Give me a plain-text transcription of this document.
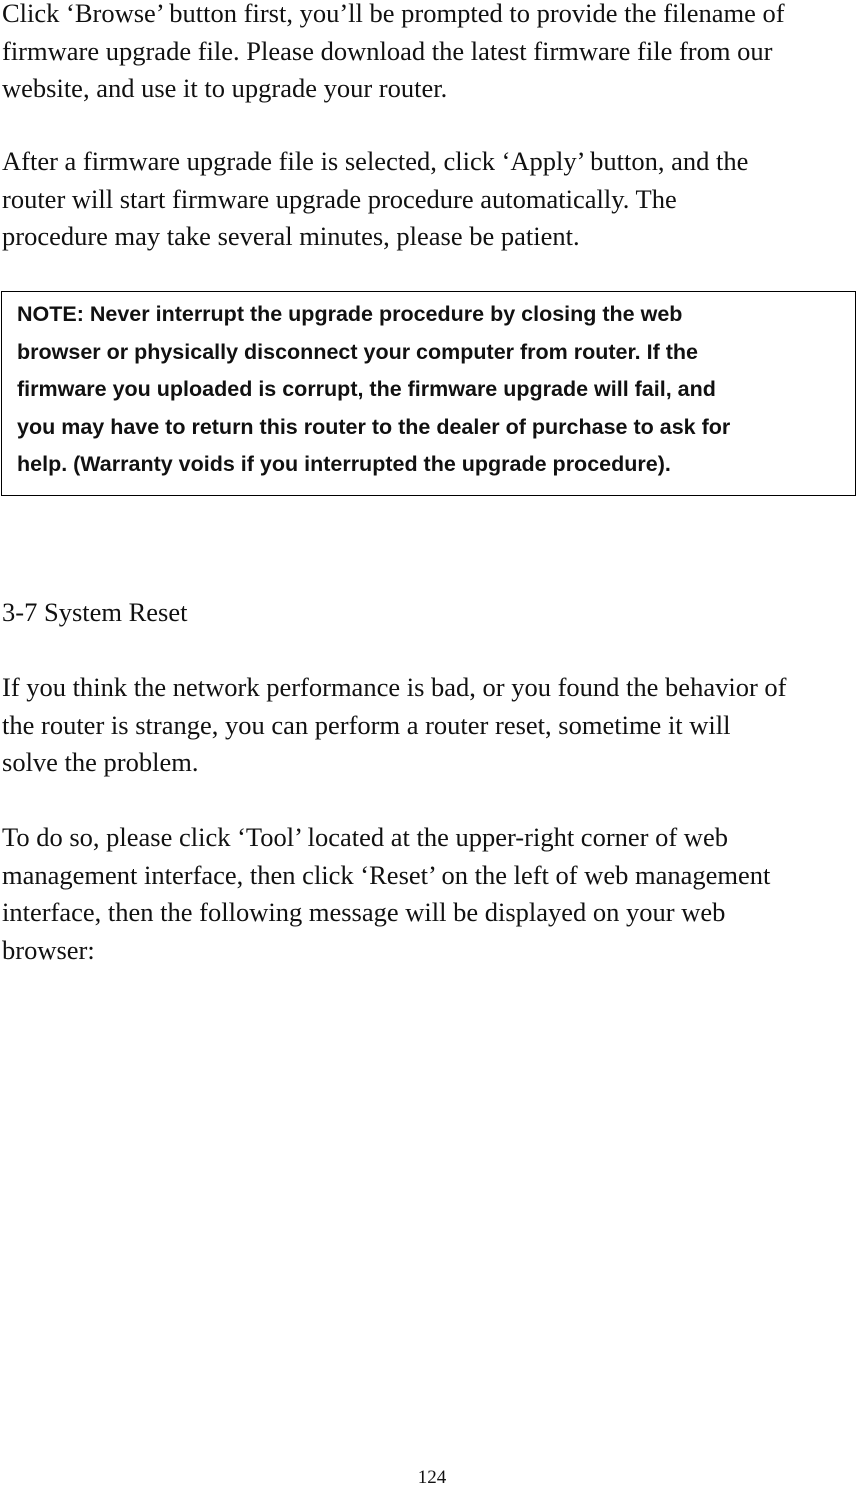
Click ‘Browse’ button first, you’ll be prompted to provide the filename of
firmware upgrade file. Please download the latest firmware file from our
website, and use it to upgrade your router.

After a firmware upgrade file is selected, click ‘Apply’ button, and the
router will start firmware upgrade procedure automatically. The
procedure may take several minutes, please be patient.

NOTE: Never interrupt the upgrade procedure by closing the web
browser or physically disconnect your computer from router. If the
firmware you uploaded is corrupt, the firmware upgrade will fail, and
you may have to return this router to the dealer of purchase to ask for
help. (Warranty voids if you interrupted the upgrade procedure).

3-7 System Reset

If you think the network performance is bad, or you found the behavior of
the router is strange, you can perform a router reset, sometime it will
solve the problem.

To do so, please click ‘Tool’ located at the upper-right corner of web
management interface, then click ‘Reset’ on the left of web management
interface, then the following message will be displayed on your web
browser:

124
